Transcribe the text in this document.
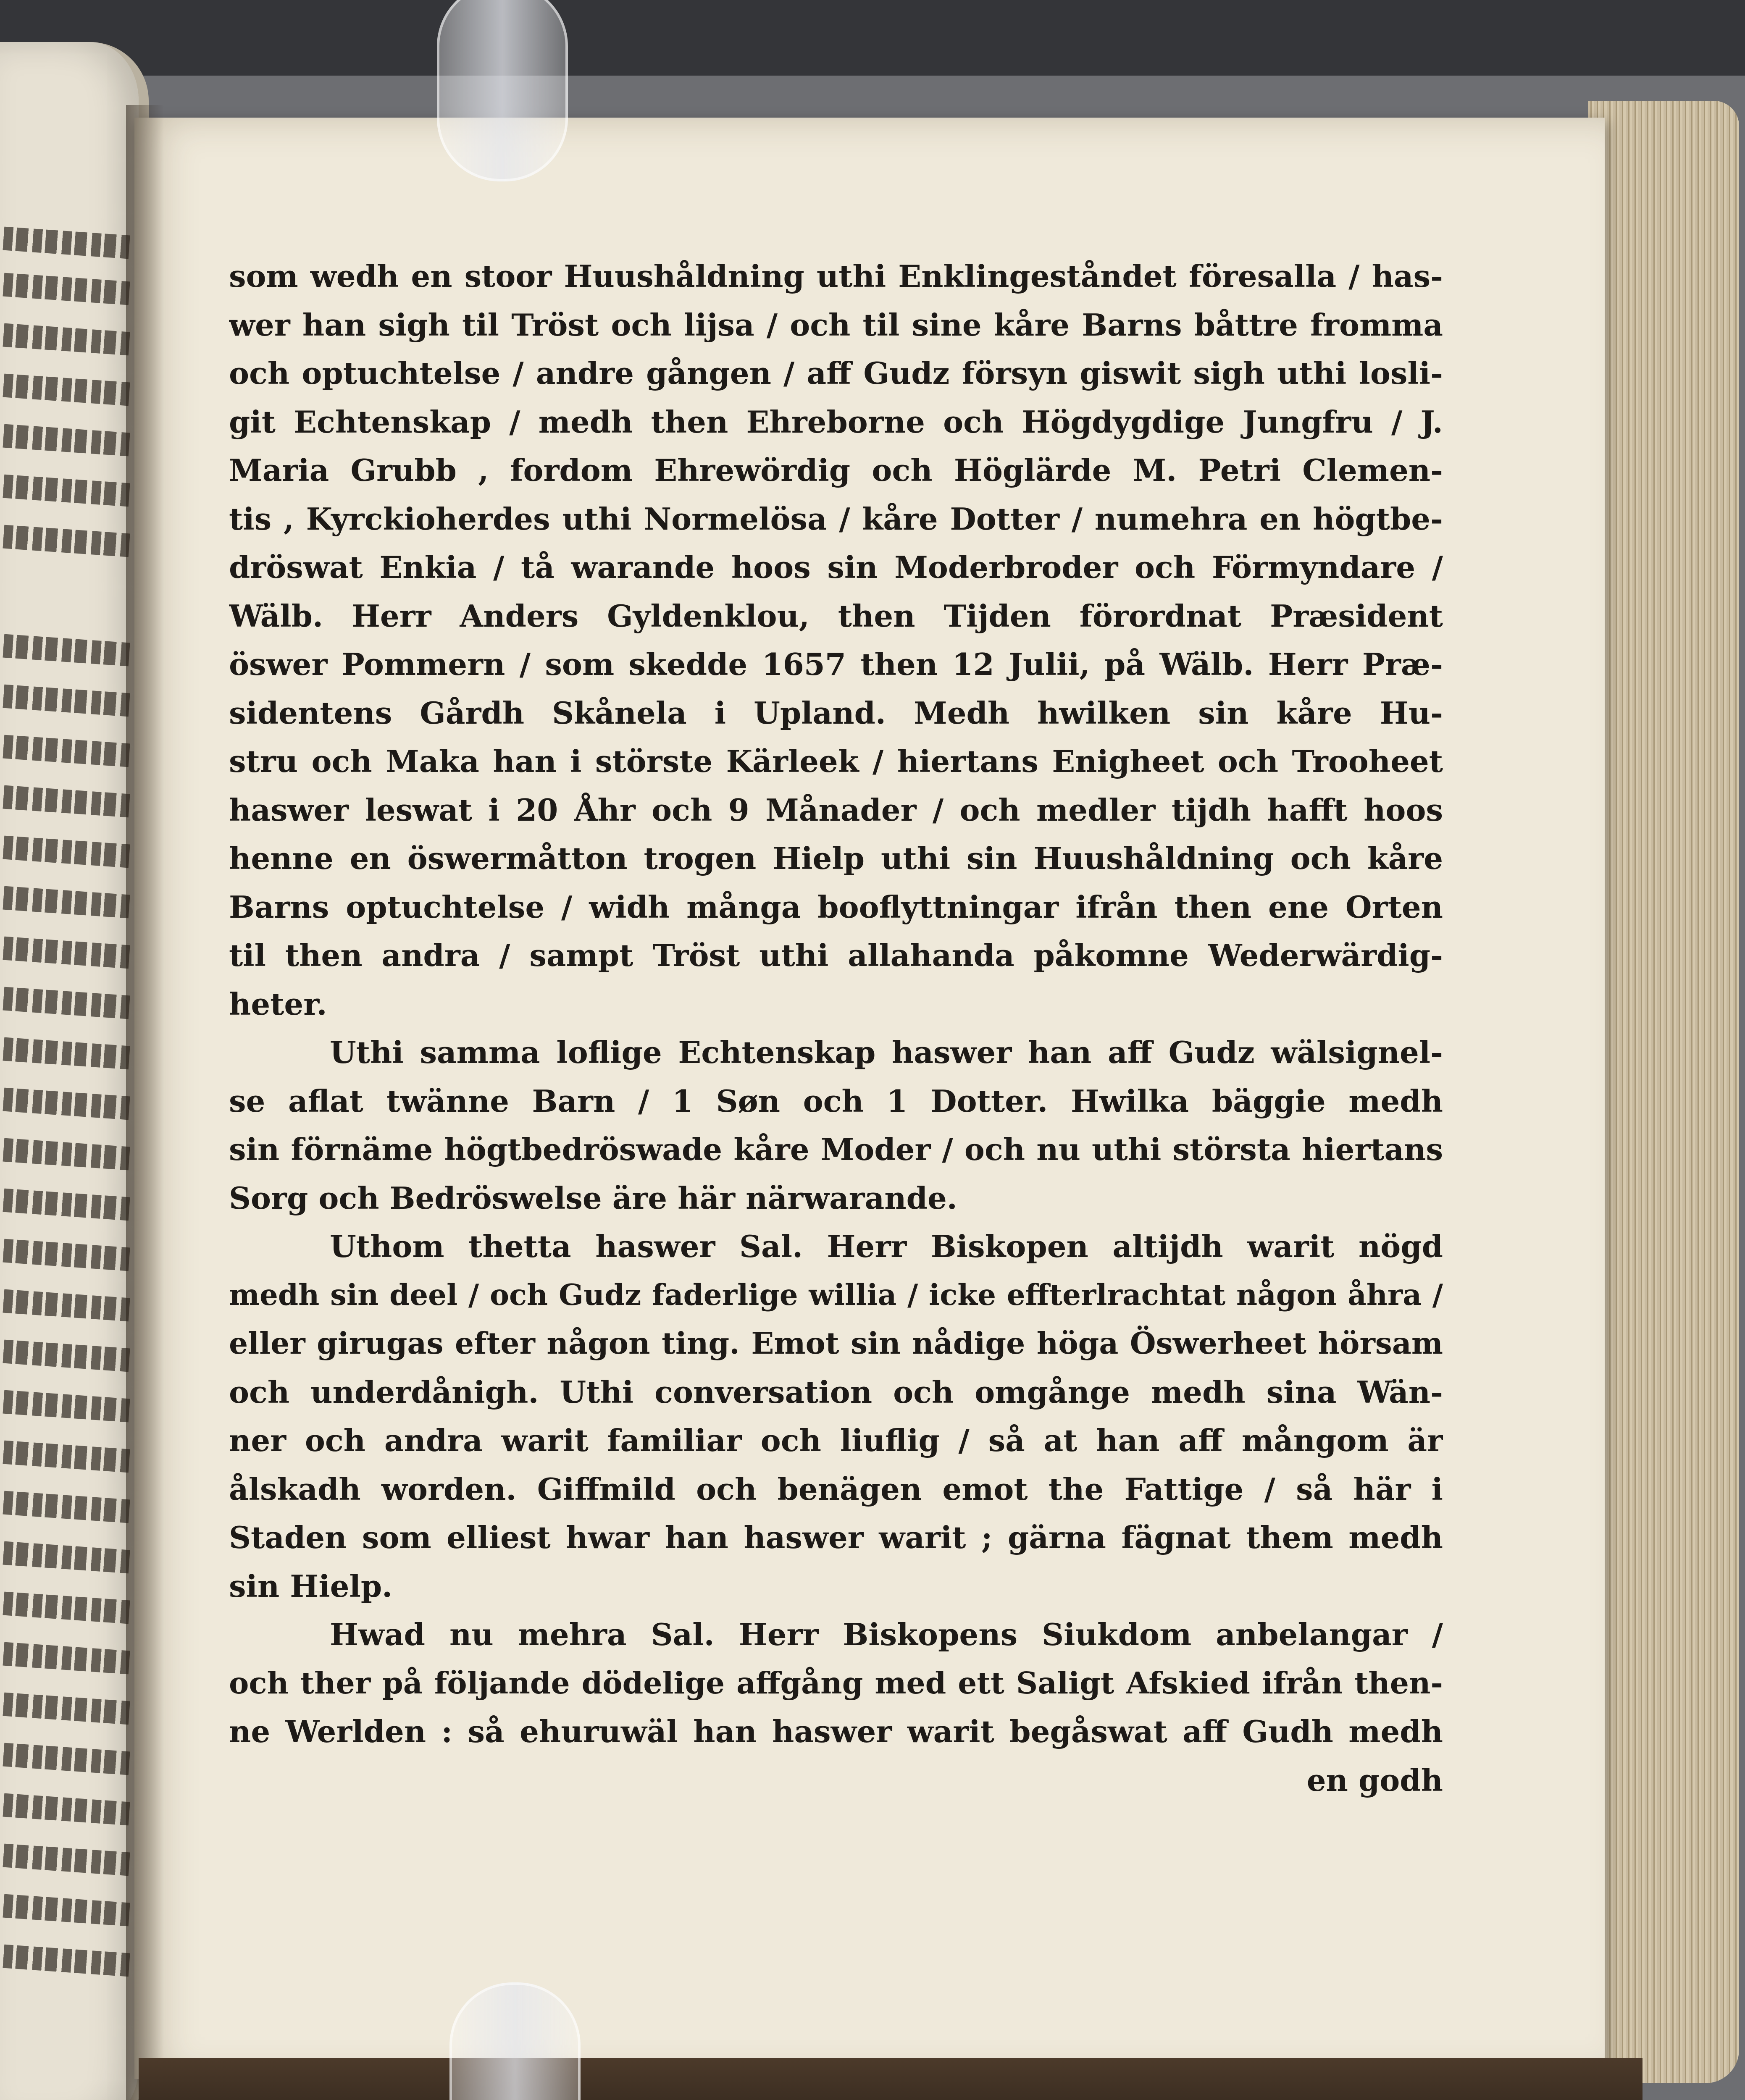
som wedh en stoor Huushåldning uthi Enklingeståndet föresalla / has-
wer han sigh til Tröst och lijsa / och til sine kåre Barns båttre fromma
och optuchtelse / andre gången / aff Gudz försyn giswit sigh uthi losli-
git Echtenskap / medh then Ehreborne och Högdygdige Jungfru / J.
Maria Grubb , fordom Ehrewördig och Höglärde M. Petri Clemen-
tis , Kyrckioherdes uthi Normelösa / kåre Dotter / numehra en högtbe-
dröswat Enkia / tå warande hoos sin Moderbroder och Förmyndare /
Wälb. Herr Anders Gyldenklou, then Tijden förordnat Præsident
öswer Pommern / som skedde 1657 then 12 Julii, på Wälb. Herr Præ-
sidentens Gårdh Skånela i Upland. Medh hwilken sin kåre Hu-
stru och Maka han i störste Kärleek / hiertans Enigheet och Trooheet
haswer leswat i 20 Åhr och 9 Månader / och medler tijdh hafft hoos
henne en öswermåtton trogen Hielp uthi sin Huushåldning och kåre
Barns optuchtelse / widh många booflyttningar ifrån then ene Orten
til then andra / sampt Tröst uthi allahanda påkomne Wederwärdig-
heter.
Uthi samma loflige Echtenskap haswer han aff Gudz wälsignel-
se aflat twänne Barn / 1 Søn och 1 Dotter. Hwilka bäggie medh
sin förnäme högtbedröswade kåre Moder / och nu uthi största hiertans
Sorg och Bedröswelse äre här närwarande.
Uthom thetta haswer Sal. Herr Biskopen altijdh warit nögd
medh sin deel / och Gudz faderlige willia / icke effterlrachtat någon åhra /
eller girugas efter någon ting. Emot sin nådige höga Öswerheet hörsam
och underdånigh. Uthi conversation och omgånge medh sina Wän-
ner och andra warit familiar och liuflig / så at han aff mångom är
ålskadh worden. Giffmild och benägen emot the Fattige / så här i
Staden som elliest hwar han haswer warit ; gärna fägnat them medh
sin Hielp.
Hwad nu mehra Sal. Herr Biskopens Siukdom anbelangar /
och ther på följande dödelige affgång med ett Saligt Afskied ifrån then-
ne Werlden : så ehuruwäl han haswer warit begåswat aff Gudh medh
en godh
